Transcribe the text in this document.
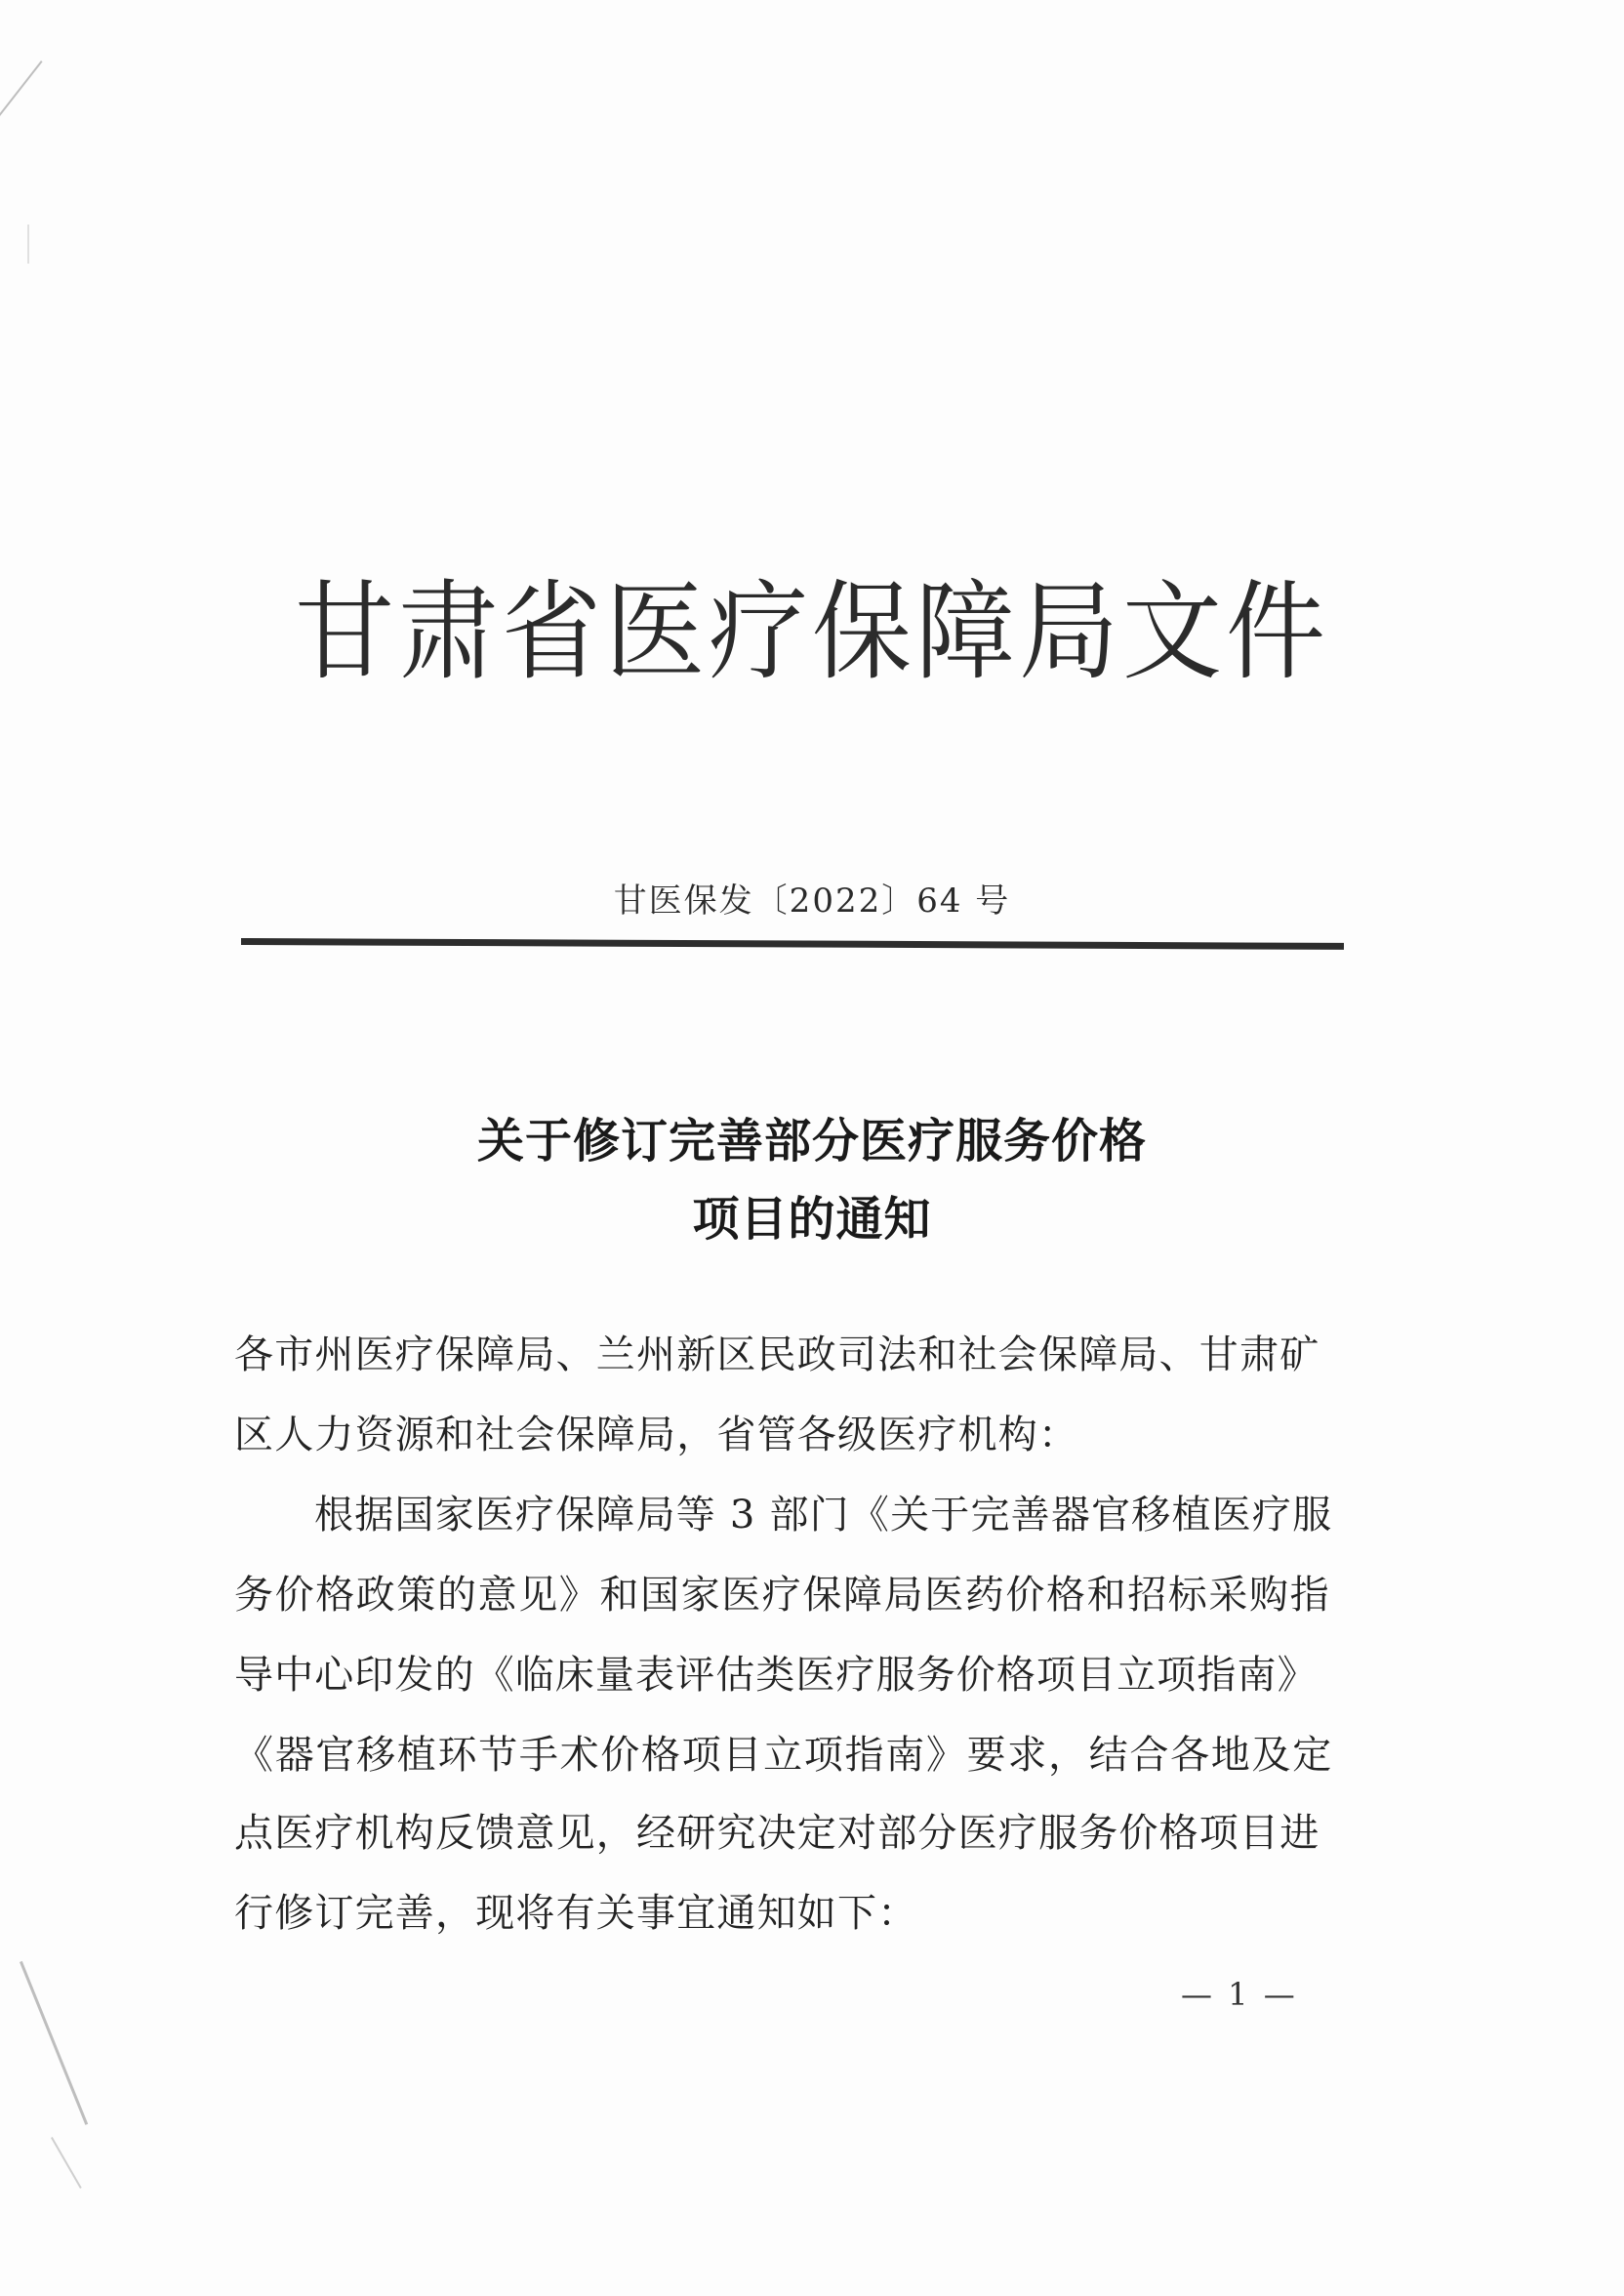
甘肃省医疗保障局文件
甘医保发〔2022〕64 号
关于修订完善部分医疗服务价格
项目的通知
各市州医疗保障局、兰州新区民政司法和社会保障局、甘肃矿
区人力资源和社会保障局，省管各级医疗机构：
根据国家医疗保障局等 3 部门《关于完善器官移植医疗服
务价格政策的意见》和国家医疗保障局医药价格和招标采购指
导中心印发的《临床量表评估类医疗服务价格项目立项指南》
《器官移植环节手术价格项目立项指南》要求，结合各地及定
点医疗机构反馈意见，经研究决定对部分医疗服务价格项目进
行修订完善，现将有关事宜通知如下：
— 1 —
